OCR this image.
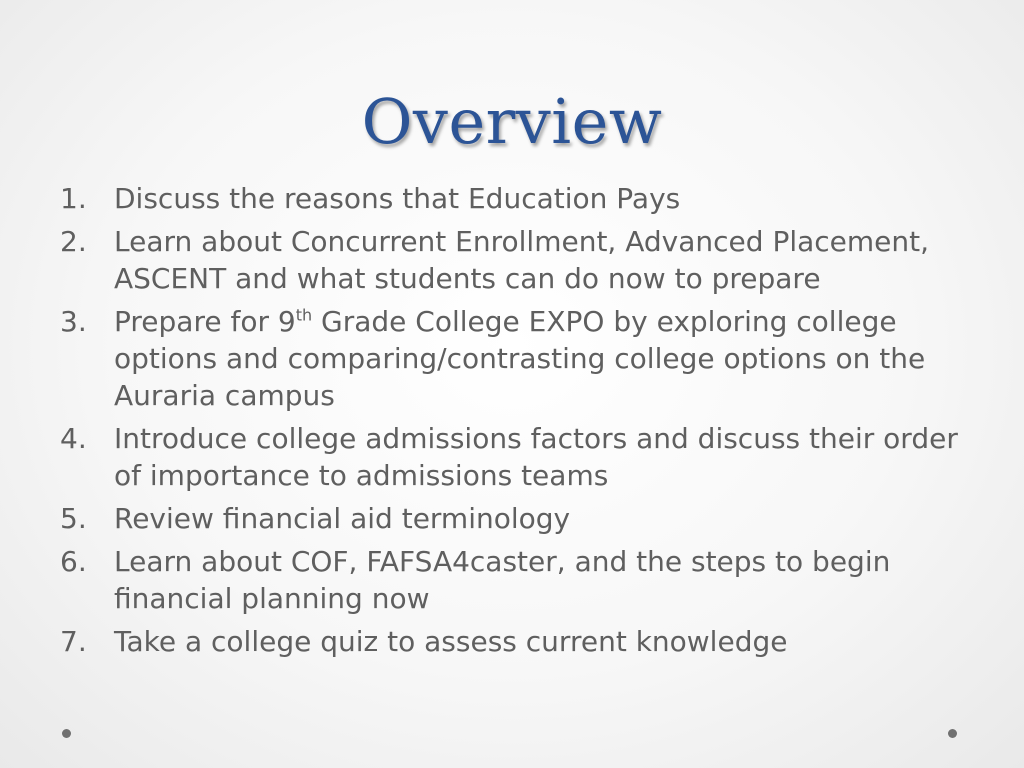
Overview
1. Discuss the reasons that Education Pays
2. Learn about Concurrent Enrollment, Advanced Placement, ASCENT and what students can do now to prepare
3. Prepare for 9th Grade College EXPO by exploring college options and comparing/contrasting college options on the Auraria campus
4. Introduce college admissions factors and discuss their order of importance to admissions teams
5. Review financial aid terminology
6. Learn about COF, FAFSA4caster, and the steps to begin financial planning now
7. Take a college quiz to assess current knowledge
